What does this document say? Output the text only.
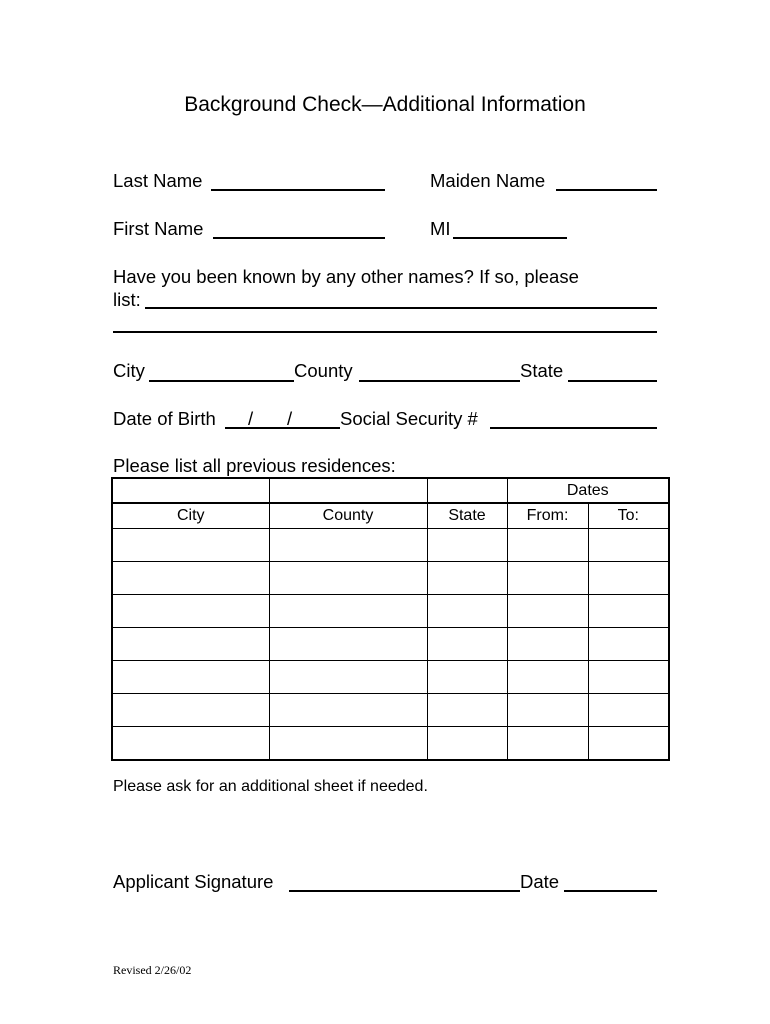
Background Check—Additional Information
Last Name	Maiden Name
First Name	MI
Have you been known by any other names? If so, please
list:
City	County	State
Date of Birth / /	Social Security #
Please list all previous residences:
			Dates	
City	County	State	From:	To:

Please ask for an additional sheet if needed.
Applicant Signature	Date
Revised 2/26/02
